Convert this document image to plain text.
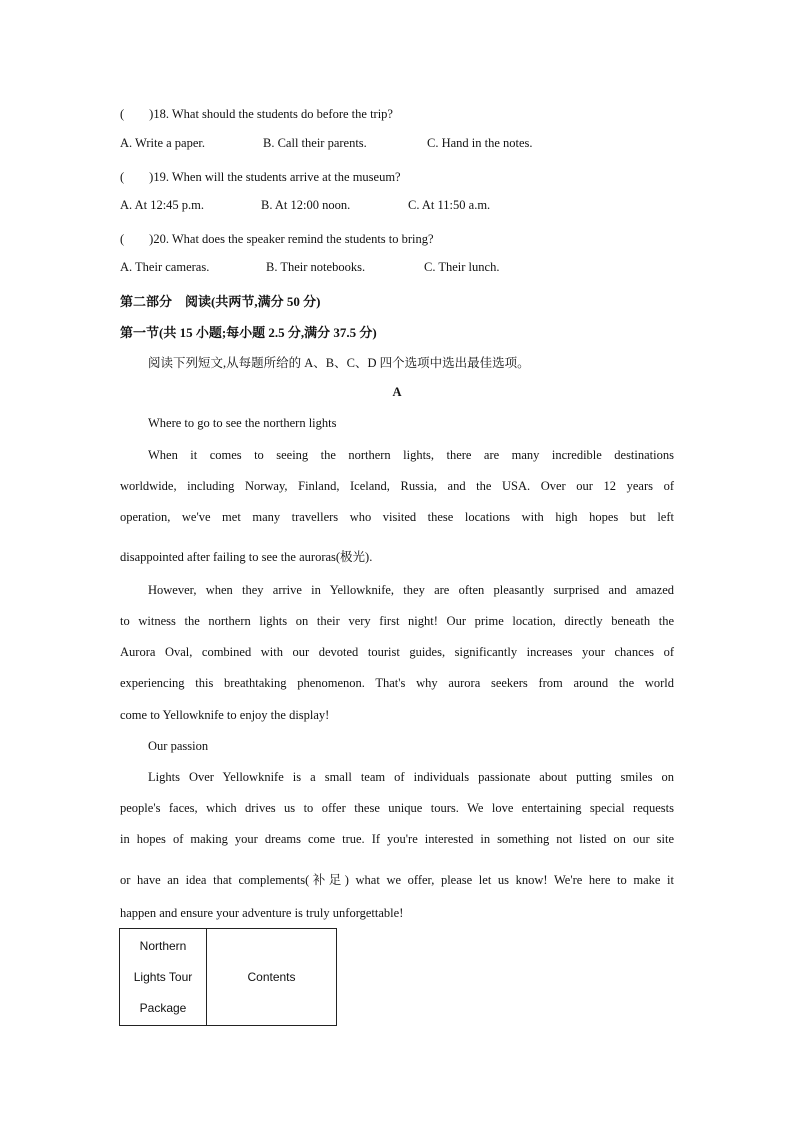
(　　)18. What should the students do before the trip?
A. Write a paper.	B. Call their parents.	C. Hand in the notes.
(　　)19. When will the students arrive at the museum?
A. At 12:45 p.m.	B. At 12:00 noon.	C. At 11:50 a.m.
(　　)20. What does the speaker remind the students to bring?
A. Their cameras.	B. Their notebooks.	C. Their lunch.
第二部分　阅读(共两节,满分 50 分)
第一节(共 15 小题;每小题 2.5 分,满分 37.5 分)
阅读下列短文,从每题所给的 A、B、C、D 四个选项中选出最佳选项。
A
Where to go to see the northern lights
When it comes to seeing the northern lights, there are many incredible destinations
worldwide, including Norway, Finland, Iceland, Russia, and the USA. Over our 12 years of
operation, we've met many travellers who visited these locations with high hopes but left
disappointed after failing to see the auroras(极光).
However, when they arrive in Yellowknife, they are often pleasantly surprised and amazed
to witness the northern lights on their very first night! Our prime location, directly beneath the
Aurora Oval, combined with our devoted tourist guides, significantly increases your chances of
experiencing this breathtaking phenomenon. That's why aurora seekers from around the world
come to Yellowknife to enjoy the display!
Our passion
Lights Over Yellowknife is a small team of individuals passionate about putting smiles on
people's faces, which drives us to offer these unique tours. We love entertaining special requests
in hopes of making your dreams come true. If you're interested in something not listed on our site
or have an idea that complements(补足) what we offer, please let us know! We're here to make it
happen and ensure your adventure is truly unforgettable!
Northern
Lights Tour
Package
	Contents
